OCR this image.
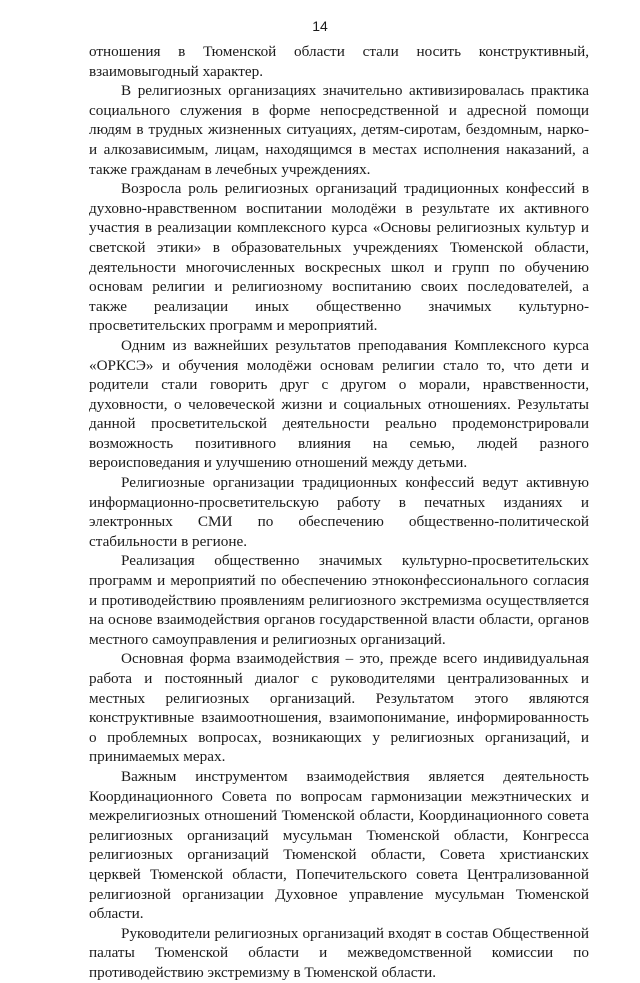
14

отношения в Тюменской области стали носить конструктивный, взаимовыгодный характер.

В религиозных организациях значительно активизировалась практика социального служения в форме непосредственной и адресной помощи людям в трудных жизненных ситуациях, детям-сиротам, бездомным, нарко- и алкозависимым, лицам, находящимся в местах исполнения наказаний, а также гражданам в лечебных учреждениях.

Возросла роль религиозных организаций традиционных конфессий в духовно-нравственном воспитании молодёжи в результате их активного участия в реализации комплексного курса «Основы религиозных культур и светской этики» в образовательных учреждениях Тюменской области, деятельности многочисленных воскресных школ и групп по обучению основам религии и религиозному воспитанию своих последователей, а также реализации иных общественно значимых культурно-просветительских программ и мероприятий.

Одним из важнейших результатов преподавания Комплексного курса «ОРКСЭ» и обучения молодёжи основам религии стало то, что дети и родители стали говорить друг с другом о морали, нравственности, духовности, о человеческой жизни и социальных отношениях. Результаты данной просветительской деятельности реально продемонстрировали возможность позитивного влияния на семью, людей разного вероисповедания и улучшению отношений между детьми.

Религиозные организации традиционных конфессий ведут активную информационно-просветительскую работу в печатных изданиях и электронных СМИ по обеспечению общественно-политической стабильности в регионе.

Реализация общественно значимых культурно-просветительских программ и мероприятий по обеспечению этноконфессионального согласия и противодействию проявлениям религиозного экстремизма осуществляется на основе взаимодействия органов государственной власти области, органов местного самоуправления и религиозных организаций.

Основная форма взаимодействия – это, прежде всего индивидуальная работа и постоянный диалог с руководителями централизованных и местных религиозных организаций. Результатом этого являются конструктивные взаимоотношения, взаимопонимание, информированность о проблемных вопросах, возникающих у религиозных организаций, и принимаемых мерах.

Важным инструментом взаимодействия является деятельность Координационного Совета по вопросам гармонизации межэтнических и межрелигиозных отношений Тюменской области, Координационного совета религиозных организаций мусульман Тюменской области, Конгресса религиозных организаций Тюменской области, Совета христианских церквей Тюменской области, Попечительского совета Централизованной религиозной организации Духовное управление мусульман Тюменской области.

Руководители религиозных организаций входят в состав Общественной палаты Тюменской области и межведомственной комиссии по противодействию экстремизму в Тюменской области.
